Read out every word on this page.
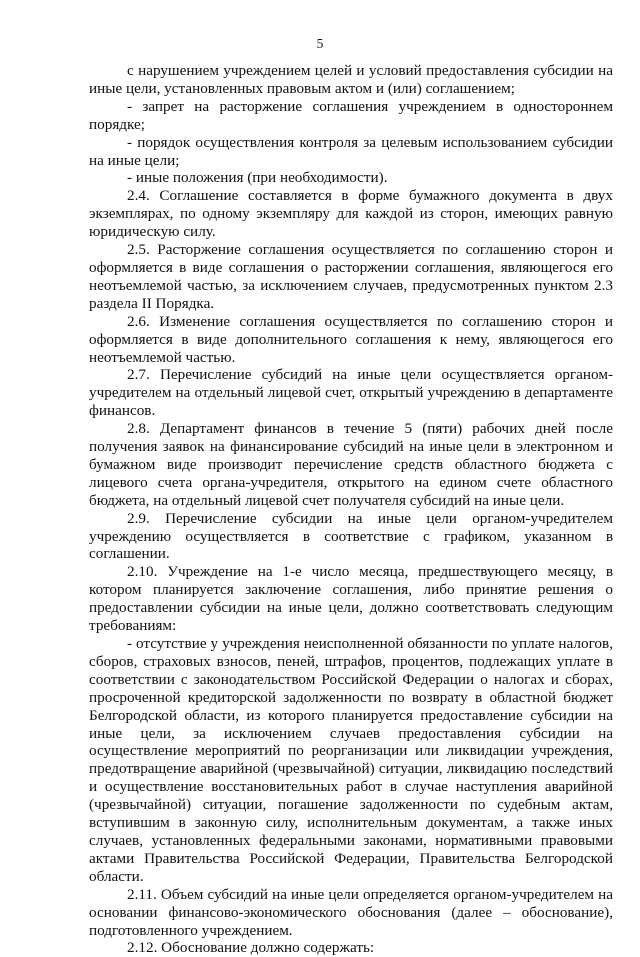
5

с нарушением учреждением целей и условий предоставления субсидии на иные цели, установленных правовым актом и (или) соглашением;

- запрет на расторжение соглашения учреждением в одностороннем порядке;

- порядок осуществления контроля за целевым использованием субсидии на иные цели;

- иные положения (при необходимости).

2.4. Соглашение составляется в форме бумажного документа в двух экземплярах, по одному экземпляру для каждой из сторон, имеющих равную юридическую силу.

2.5. Расторжение соглашения осуществляется по соглашению сторон и оформляется в виде соглашения о расторжении соглашения, являющегося его неотъемлемой частью, за исключением случаев, предусмотренных пунктом 2.3 раздела II Порядка.

2.6. Изменение соглашения осуществляется по соглашению сторон и оформляется в виде дополнительного соглашения к нему, являющегося его неотъемлемой частью.

2.7. Перечисление субсидий на иные цели осуществляется органом-учредителем на отдельный лицевой счет, открытый учреждению в департаменте финансов.

2.8. Департамент финансов в течение 5 (пяти) рабочих дней после получения заявок на финансирование субсидий на иные цели в электронном и бумажном виде производит перечисление средств областного бюджета с лицевого счета органа-учредителя, открытого на едином счете областного бюджета, на отдельный лицевой счет получателя субсидий на иные цели.

2.9. Перечисление субсидии на иные цели органом-учредителем учреждению осуществляется в соответствие с графиком, указанном в соглашении.

2.10. Учреждение на 1-е число месяца, предшествующего месяцу, в котором планируется заключение соглашения, либо принятие решения о предоставлении субсидии на иные цели, должно соответствовать следующим требованиям:

- отсутствие у учреждения неисполненной обязанности по уплате налогов, сборов, страховых взносов, пеней, штрафов, процентов, подлежащих уплате в соответствии с законодательством Российской Федерации о налогах и сборах, просроченной кредиторской задолженности по возврату в областной бюджет Белгородской области, из которого планируется предоставление субсидии на иные цели, за исключением случаев предоставления субсидии на осуществление мероприятий по реорганизации или ликвидации учреждения, предотвращение аварийной (чрезвычайной) ситуации, ликвидацию последствий и осуществление восстановительных работ в случае наступления аварийной (чрезвычайной) ситуации, погашение задолженности по судебным актам, вступившим в законную силу, исполнительным документам, а также иных случаев, установленных федеральными законами, нормативными правовыми актами Правительства Российской Федерации, Правительства Белгородской области.

2.11. Объем субсидий на иные цели определяется органом-учредителем на основании финансово-экономического обоснования (далее – обоснование), подготовленного учреждением.

2.12. Обоснование должно содержать:
